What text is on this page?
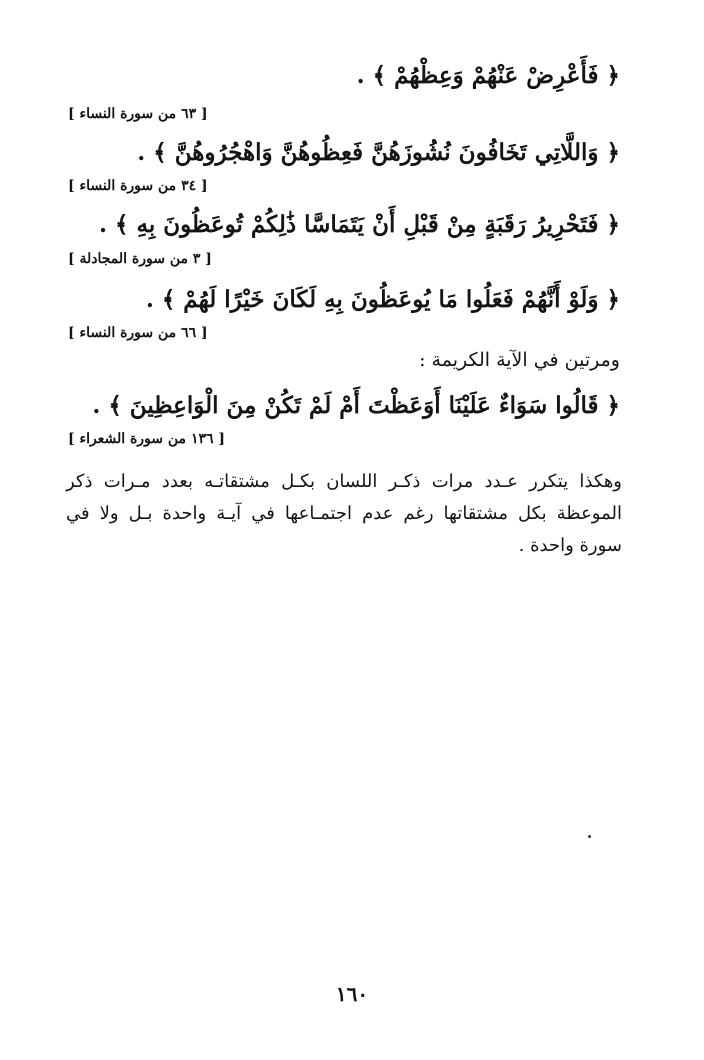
﴿ فَأَعْرِضْ عَنْهُمْ وَعِظْهُمْ ﴾ .
[ ٦٣ من سورة النساء ]
﴿ وَاللَّاتِي تَخَافُونَ نُشُوزَهُنَّ فَعِظُوهُنَّ وَاهْجُرُوهُنَّ ﴾ .
[ ٣٤ من سورة النساء ]
﴿ فَتَحْرِيرُ رَقَبَةٍ مِنْ قَبْلِ أَنْ يَتَمَاسَّا ذَٰلِكُمْ تُوعَظُونَ بِهِ ﴾ .
[ ٣ من سورة المجادلة ]
﴿ وَلَوْ أَنَّهُمْ فَعَلُوا مَا يُوعَظُونَ بِهِ لَكَانَ خَيْرًا لَهُمْ ﴾ .
[ ٦٦ من سورة النساء ]
ومرتين في الآية الكريمة :
﴿ قَالُوا سَوَاءٌ عَلَيْنَا أَوَعَظْتَ أَمْ لَمْ تَكُنْ مِنَ الْوَاعِظِينَ ﴾ .
[ ١٣٦ من سورة الشعراء ]
وهكذا يتكرر عـدد مرات ذكـر اللسان بكـل مشتقاتـه بعدد مـرات ذكر الموعظة بكل مشتقاتها رغم عدم اجتمـاعها في آيـة واحدة بـل ولا في سورة واحدة .
١٦٠
